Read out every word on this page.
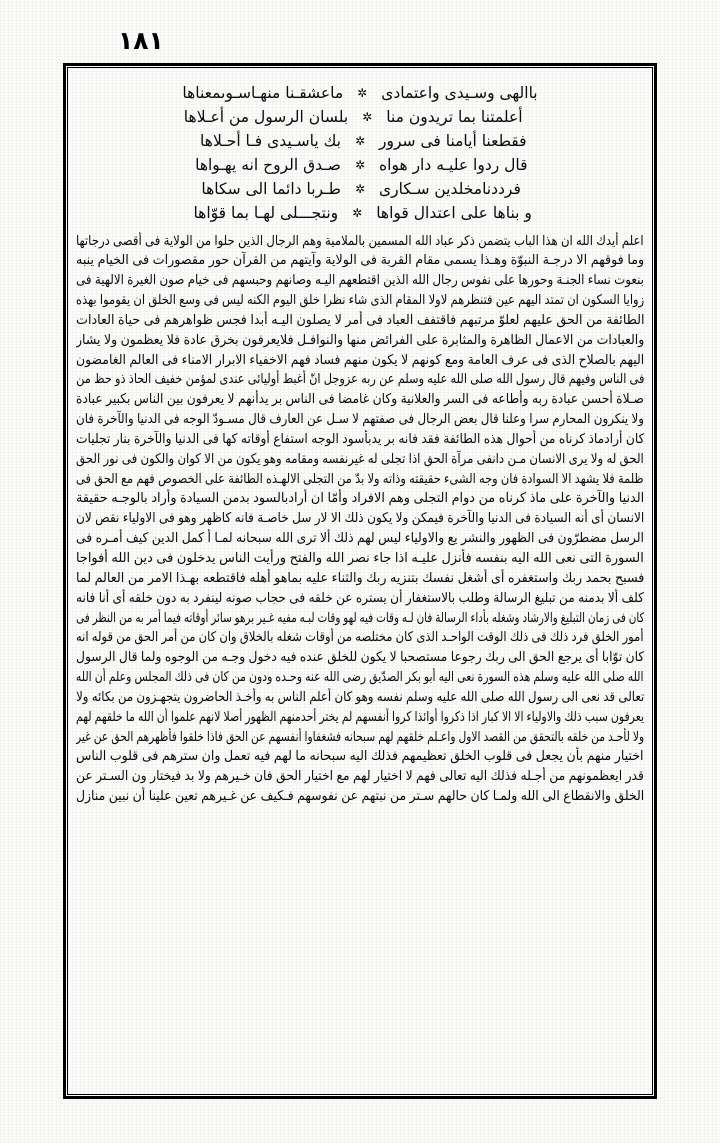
١٨١
باالهى وسـيدى واعتمادى
✲
ماعشقـنا منهـاسـوىمعناها
أعلمتنا بما تريدون منا
✲
بلسان الرسول من أعـلاها
فقطعنا أيامنا فى سرور
✲
بك ياسـيدى فـا أحـلاها
قال ردوا عليـه دار هواه
✲
صـدق الروح انه يهـواها
فرددنامخلدين سـكارى
✲
طـربا دائما الى سكاها
و بناها على اعتدال قواها
✲
ونتجـــلى لهـا بما قوّاها

اعلم أيدك الله ان هذا الباب يتضمن ذكر عباد الله المسمين بالملامية وهم الرجال الذين حلوا من الولاية فى أقصى درجاتها

وما فوقهم الا درجـة النبوّة وهـذا يسمى مقام القربة فى الولاية وآيتهم من القرآن حور مقصورات فى الخيام ينبه

بنعوت نساء الجنـة وحورها على نفوس رجال الله الذين اقتطعهم اليـه وصانهم وحبسهم فى خيام صون الغيرة الالهية فى

زوايا السكون ان تمتد اليهم عين فتنظرهم لاولا المقام الذى شاء نظرا خلق اليوم الكنه ليس فى وسع الخلق ان يقوموا بهذه

الطائفة من الحق عليهم لعلوّ مرتبهم فاقتفف العباد فى أمر لا يصلون اليـه أبدا فجس ظواهرهم فى حياة العادات

والعبادات من الاعمال الظاهرة والمثابرة على الفرائض منها والنوافـل فلايعرفون بخرق عادة فلا يعظمون ولا يشار

اليهم بالصلاح الذى فى عرف العامة ومع كونهم لا يكون منهم فساد فهم الاخفياء الابرار الامناء فى العالم الغامضون

فى الناس وفيهم قال رسول الله صلى الله عليه وسلم عن ربه عزوجل انّ أغبط أوليائى عندى لمؤمن خفيف الحاذ ذو حظ من

صـلاة أحسن عبادة ربه وأطاعه فى السر والعلانية وكان غامضا فى الناس بر يدأنهم لا يعرفون بين الناس بكبير عبادة

ولا ينكرون المحارم سرا وعلنا قال بعض الرجال فى صفتهم لا سـل عن العارف قال مسـودّ الوجه فى الدنيا والآخرة فان

كان أرادماذ كرناه من أحوال هذه الطائفة فقد فانه بر يدبأسود الوجه استفاع أوقاته كها فى الدنيا والآخرة بنار تجليات

الحق له ولا يرى الانسان مـن دانفى مرآة الحق اذا تجلى له غيرنفسه ومقامه وهو يكون من الا كوان والكون فى نور الحق

ظلمة فلا يشهد الا السوادة فان وجه الشىء حقيقته وذاته ولا بدّ من التجلى الالهـذه الطائفة على الخصوص فهم مع الحق فى

الدنيا والآخرة على ماذ كرناه من دوام التجلى وهم الافراد وأمّا ان أرادبالسود بدمن السيادة وأراد بالوجـه حقيقة

الانسان أى أنه السيادة فى الدنيا والآخرة فيمكن ولا يكون ذلك الا لار سل خاصـة فانه كاظهر وهو فى الاولياء نقص لان

الرسل مضطرّون فى الظهور والنشر يع والاولياء ليس لهم ذلك ألا ترى الله سبحانه لمـا أ كمل الدين كيف أمـره فى

السورة التى نعى الله اليه بنفسه فأنزل عليـه اذا جاء نصر الله والفتح ورأيت الناس يدخلون فى دين الله أفواجا

فسبح بحمد ربك واستغفره أى أشغل نفسك بتنزيه ربك والثناء عليه بماهو أهله فاقتطعه بهـذا الامر من العالم لما

كلف ألا بدمنه من تبليغ الرسالة وطلب بالاستغفار أن يستره عن خلقه فى حجاب صونه لينفرد به دون خلقه أى أنا فانه

كان فى زمان التبليغ والارشاد وشغله بأداء الرسالة فان لـه وقات فيه لهو وقات لبـه مفيه غـير برهو سائر أوقاته فيما أمر به من النظر فى

أمور الخلق فرد ذلك فى ذلك الوقت الواحـد الذى كان مختلصه من أوقات شغله بالخلاق وان كان من أمر الحق من قوله انه

كان توّابا أى يرجع الحق الى ربك رجوعا مستصحبا لا يكون للخلق عنده فيه دخول وجـه من الوجوه ولما قال الرسول

الله صلى الله عليه وسلم هذه السورة نعى اليه أبو بكر الصدّيق رضى الله عنه وحـده ودون من كان فى ذلك المجلس وعلم أن الله

تعالى قد نعى الى رسول الله صلى الله عليه وسلم نفسه وهو كان أعلم الناس به وأخـذ الحاضرون يتجهـزون من بكائه ولا

يعرفون سبب ذلك والاولياء الا الا كبار اذا ذكروا أوائذا كروا أنفسهم لم يختر أحدمنهم الظهور أصلا لانهم علموا أن الله ما خلقهم لهم

ولا لأحـد من خلقه بالتحقق من القصد الاول واعـلم خلقهم لهم سبحانه فشغفاوا أنفسهم عن الحق فاذا خلقوا فأظهرهم الحق عن غير

اختيار منهم بأن يجعل فى قلوب الخلق تعظيمهم فذلك اليه سبحانه ما لهم فيه تعمل وان سترهم فى قلوب الناس

قدر ايعظمونهم من أجـله فذلك اليه تعالى فهم لا اختيار لهم مع اختيار الحق فان خـيرهم ولا بد فيختار ون السـتر عن

الخلق والانقطاع الى الله ولمـا كان حالهم سـتر من نبتهم عن نفوسهم فـكيف عن غـيرهم تعين علينا أن نبين منازل
